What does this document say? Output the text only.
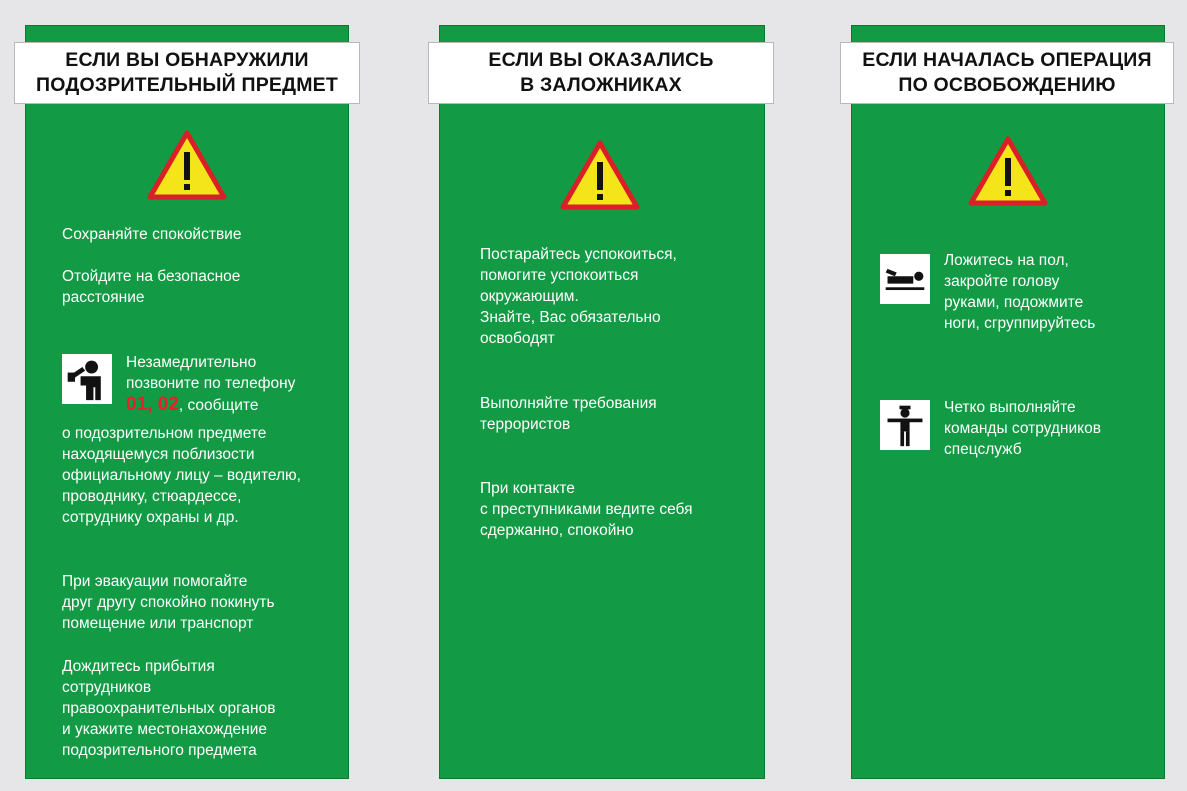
ЕСЛИ ВЫ ОБНАРУЖИЛИ
ПОДОЗРИТЕЛЬНЫЙ ПРЕДМЕТ
Сохраняйте спокойствие
Отойдите на безопасное
расстояние
Незамедлительно
позвоните по телефону
01, 02, сообщите
о подозрительном предмете
находящемуся поблизости
официальному лицу – водителю,
проводнику, стюардессе,
сотруднику охраны и др.
При эвакуации помогайте
друг другу спокойно покинуть
помещение или транспорт
Дождитесь прибытия
сотрудников
правоохранительных органов
и укажите местонахождение
подозрительного предмета
ЕСЛИ ВЫ ОКАЗАЛИСЬ
В ЗАЛОЖНИКАХ
Постарайтесь успокоиться,
помогите успокоиться
окружающим.
Знайте, Вас обязательно
освободят
Выполняйте требования
террористов
При контакте
с преступниками ведите себя
сдержанно, спокойно
ЕСЛИ НАЧАЛАСЬ ОПЕРАЦИЯ
ПО ОСВОБОЖДЕНИЮ
Ложитесь на пол,
закройте голову
руками, подожмите
ноги, сгруппируйтесь
Четко выполняйте
команды сотрудников
спецслужб
